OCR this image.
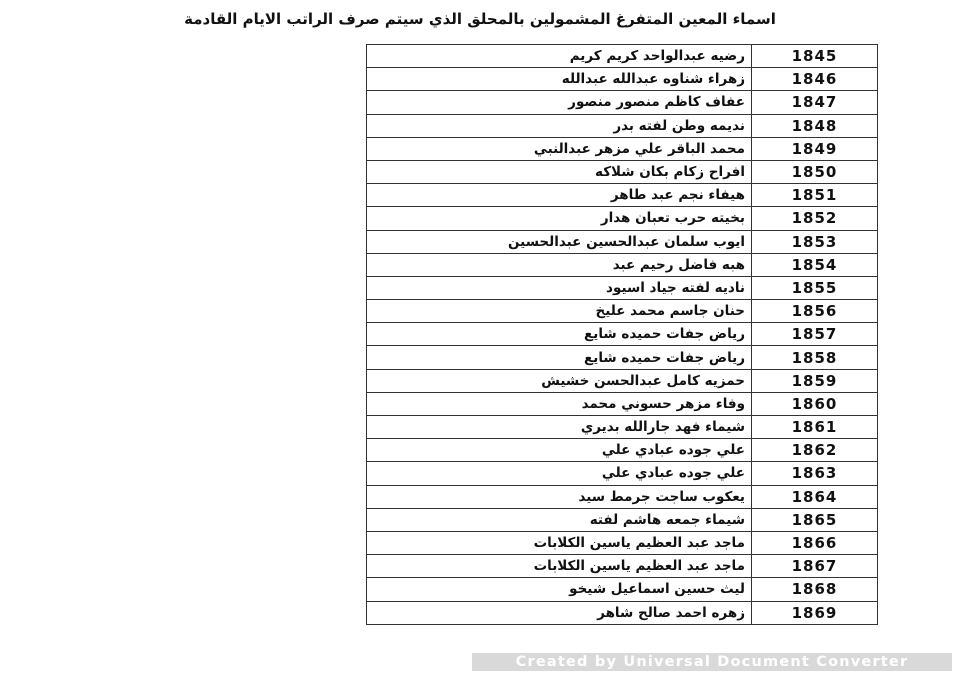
اسماء المعين المتفرغ المشمولين بالمحلق الذي سيتم صرف الراتب الايام القادمة
رضيه عبدالواحد كريم كريم	1845
زهراء شناوه عبدالله عبدالله	1846
عفاف كاظم منصور منصور	1847
نديمه وطن لفته بدر	1848
محمد الباقر علي مزهر عبدالنبي	1849
افراح زكام بكان شلاكه	1850
هيفاء نجم عبد طاهر	1851
بخيته حرب تعبان هدار	1852
ايوب سلمان عبدالحسين عبدالحسين	1853
هبه فاضل رحيم عبد	1854
ناديه لفته جياد اسيود	1855
حنان جاسم محمد عليخ	1856
رياض جفات حميده شايع	1857
رياض جفات حميده شايع	1858
حمزيه كامل عبدالحسن خشيش	1859
وفاء مزهر حسوني محمد	1860
شيماء فهد جارالله بديري	1861
علي جوده عبادي علي	1862
علي جوده عبادي علي	1863
يعكوب ساجت جرمط سيد	1864
شيماء جمعه هاشم لفته	1865
ماجد عبد العظيم ياسين الكلابات	1866
ماجد عبد العظيم ياسين الكلابات	1867
ليث حسين اسماعيل شيخو	1868
زهره احمد صالح شاهر	1869
Created by Universal Document Converter
